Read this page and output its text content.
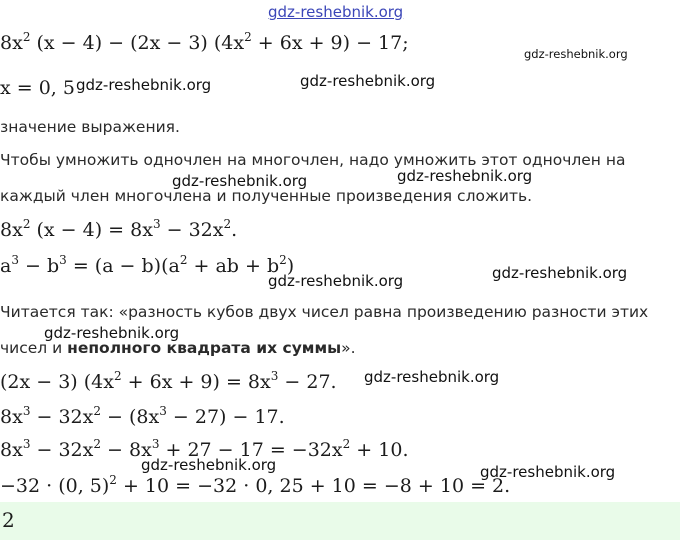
gdz-reshebnik.org
gdz-reshebnik.org
gdz-reshebnik.org	gdz-reshebnik.org
gdz-reshebnik.org	gdz-reshebnik.org
gdz-reshebnik.org	gdz-reshebnik.org
gdz-reshebnik.org
gdz-reshebnik.org
gdz-reshebnik.org	gdz-reshebnik.org
$8x^2$ (x − 4) − (2x − 3) $(4x^2 + 6x + 9) - 17$;
x = 0, 5
значение выражения.
Чтобы умножить одночлен на многочлен, надо умножить этот одночлен на
каждый член многочлена и полученные произведения сложить.
$8x^2$ $(x - 4) = 8x^3 - 32x^2$.
$a^3 - b^3 = (a - b)(a^2$ + ab + $b^2$)
Читается так: «разность кубов двух чисел равна произведению разности этих
чисел и неполного квадрата их суммы».
(2x − 3) $(4x^2 + 6x + 9) = 8x^3 - 27$.
$8x^3 - 32x^2 - (8x^3 - 27) - 17$.
$8x^3 - 32x^2 - 8x^3 + 27 - 17 = -32x^2 + 10$.
−32 · (0, 5)$^2$ + 10 = −32 · 0, 25 + 10 = −8 + 10 = 2.
2
